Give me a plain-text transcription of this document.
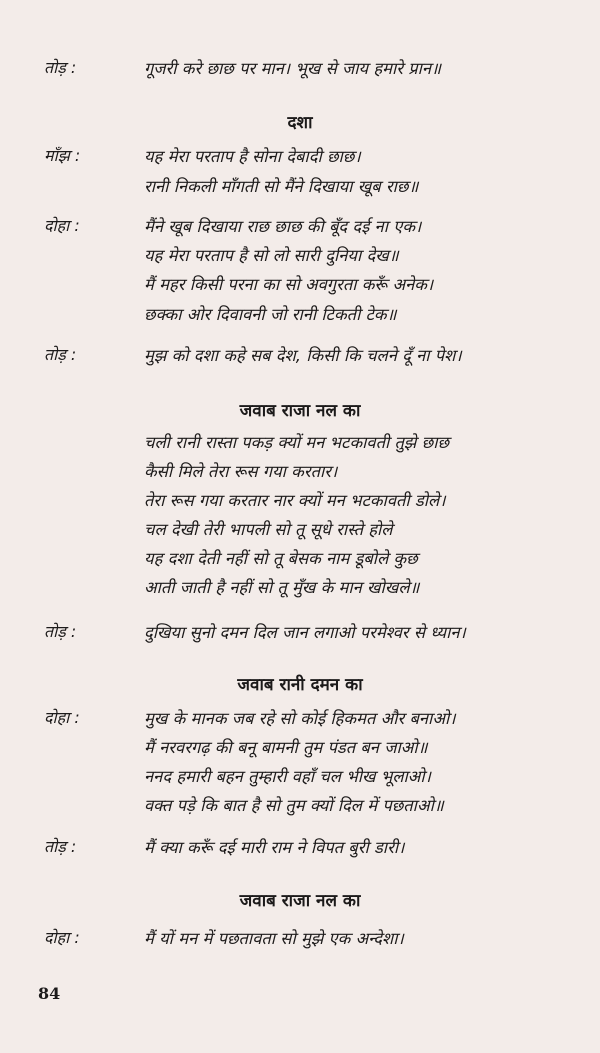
तोड़ :	गूजरी करे छाछ पर मान। भूख से जाय हमारे प्रान॥
दशा
माँझ :	यह मेरा परताप है सोना देबादी छाछ।
रानी निकली माँगती सो मैंने दिखाया खूब राछ॥
दोहा :	मैंने खूब दिखाया राछ छाछ की बूँद दई ना एक।
यह मेरा परताप है सो लो सारी दुनिया देख॥
मैं महर किसी परना का सो अवगुरता करूँ अनेक।
छक्का ओर दिवावनी जो रानी टिकती टेक॥
तोड़ :	मुझ को दशा कहे सब देश, किसी कि चलने दूँ ना पेश।
जवाब राजा नल का
चली रानी रास्ता पकड़ क्यों मन भटकावती तुझे छाछ
कैसी मिले तेरा रूस गया करतार।
तेरा रूस गया करतार नार क्यों मन भटकावती डोले।
चल देखी तेरी भापली सो तू सूधे रास्ते होले
यह दशा देती नहीं सो तू बेसक नाम डूबोले कुछ
आती जाती है नहीं सो तू मुँख के मान खोखले॥
तोड़ :	दुखिया सुनो दमन दिल जान लगाओ परमेश्वर से ध्यान।
जवाब रानी दमन का
दोहा :	मुख के मानक जब रहे सो कोई हिकमत और बनाओ।
मैं नरवरगढ़ की बनू बामनी तुम पंडत बन जाओ॥
ननद हमारी बहन तुम्हारी वहाँ चल भीख भूलाओ।
वक्त पड़े कि बात है सो तुम क्यों दिल में पछताओ॥
तोड़ :	मैं क्या करूँ दई मारी राम ने विपत बुरी डारी।
जवाब राजा नल का
दोहा :	मैं यों मन में पछतावता सो मुझे एक अन्देशा।
84
